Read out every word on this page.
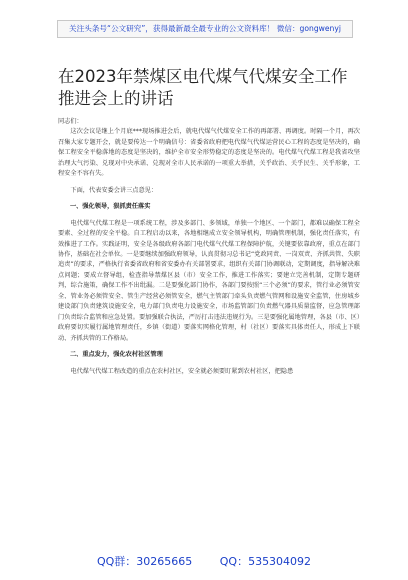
关注头条号“公文研究”，获得最新最全最专业的公文资料库！ 微信：gongwenyj
在2023年禁煤区电代煤气代煤安全工作推进会上的讲话

同志们：

这次会议是继上个月底***现场推进会后，就电代煤气代煤安全工作的再部署、再调度。时隔一个月，再次召集大家专题开会，就是要传达一个明确信号：省委省政府把电代煤气代煤运营民心工程的态度是坚决的，确保工程安全平稳落地的态度是坚决的，维护全市安全形势稳定的态度是坚决的。电代煤气代煤工程是我省攻坚治理大气污染、兑现对中央承诺、兑现对全市人民承诺的一项重大举措，关乎政治、关乎民生、关乎形象，工程安全不容有失。

下面，代表安委会讲三点意见：

一、强化领导，狠抓责任落实

电代煤气代煤工程是一项系统工程，涉及多部门、多领域，单独一个地区、一个部门，都难以确保工程全要素、全过程的安全平稳。自工程启动以来，各地相继成立安全领导机构，明确管理机制，强化责任落实，有效推进了工作。实践证明，安全是各级政府各部门电代煤气代煤工程保障护航，关键要依靠政府，重点在部门协作，基础在社会单位。一是要继续加强政府领导，认真贯彻习总书记“党政同责、一岗双责、齐抓共管、失职追责”的要求，严格执行省委省政府和省安委办有关部署要求，组织有关部门协调联动，定期调度，指导解决难点问题；要成立督导组，检查指导禁煤区县（市）安全工作，推进工作落实；要建立完善机制，定期专题研判，综合施策，确保工作不出纰漏。二是要强化部门协作，各部门要按照“三个必须”的要求，管行业必须管安全、管业务必须管安全、管生产经营必须管安全，燃气主管部门牵头负责燃气管网和设施安全监管，住房城乡建设部门负责建筑设施安全，电力部门负责电力设施安全，市场监管部门负责燃气器具质量监督，应急管理部门负责综合监管和应急处置。要加强联合执法，严厉打击违法违规行为。三是要强化属地管理，各县（市、区）政府要切实履行属地管理责任，乡镇（街道）要落实网格化管理，村（社区）要落实具体责任人，形成上下联动、齐抓共管的工作格局。

二、重点发力，强化农村社区管理

电代煤气代煤工程改造的重点在农村社区，安全就必须要盯紧到农村社区，把隐患

QQ群：30265665	QQ：535304092
